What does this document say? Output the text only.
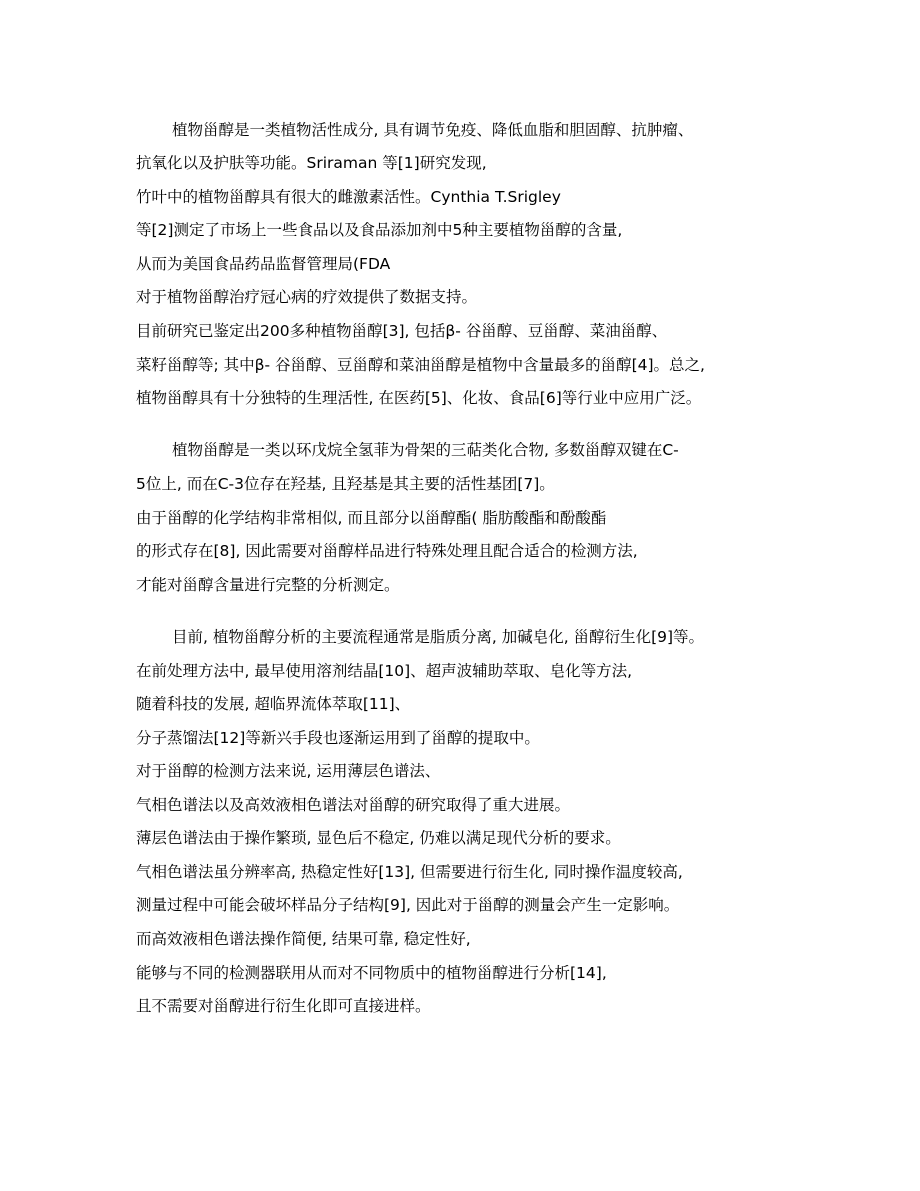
植物甾醇是一类植物活性成分, 具有调节免疫、降低血脂和胆固醇、抗肿瘤、

抗氧化以及护肤等功能。Sriraman 等[1]研究发现,

竹叶中的植物甾醇具有很大的雌激素活性。Cynthia T.Srigley

等[2]测定了市场上一些食品以及食品添加剂中5种主要植物甾醇的含量,

从而为美国食品药品监督管理局(FDA

对于植物甾醇治疗冠心病的疗效提供了数据支持。

目前研究已鉴定出200多种植物甾醇[3], 包括β- 谷甾醇、豆甾醇、菜油甾醇、

菜籽甾醇等; 其中β- 谷甾醇、豆甾醇和菜油甾醇是植物中含量最多的甾醇[4]。总之,

植物甾醇具有十分独特的生理活性, 在医药[5]、化妆、食品[6]等行业中应用广泛。

植物甾醇是一类以环戊烷全氢菲为骨架的三萜类化合物, 多数甾醇双键在C-

5位上, 而在C-3位存在羟基, 且羟基是其主要的活性基团[7]。

由于甾醇的化学结构非常相似, 而且部分以甾醇酯( 脂肪酸酯和酚酸酯

的形式存在[8], 因此需要对甾醇样品进行特殊处理且配合适合的检测方法,

才能对甾醇含量进行完整的分析测定。

目前, 植物甾醇分析的主要流程通常是脂质分离, 加碱皂化, 甾醇衍生化[9]等。

在前处理方法中, 最早使用溶剂结晶[10]、超声波辅助萃取、皂化等方法,

随着科技的发展, 超临界流体萃取[11]、

分子蒸馏法[12]等新兴手段也逐渐运用到了甾醇的提取中。

对于甾醇的检测方法来说, 运用薄层色谱法、

气相色谱法以及高效液相色谱法对甾醇的研究取得了重大进展。

薄层色谱法由于操作繁琐, 显色后不稳定, 仍难以满足现代分析的要求。

气相色谱法虽分辨率高, 热稳定性好[13], 但需要进行衍生化, 同时操作温度较高,

测量过程中可能会破坏样品分子结构[9], 因此对于甾醇的测量会产生一定影响。

而高效液相色谱法操作简便, 结果可靠, 稳定性好,

能够与不同的检测器联用从而对不同物质中的植物甾醇进行分析[14],

且不需要对甾醇进行衍生化即可直接进样。
